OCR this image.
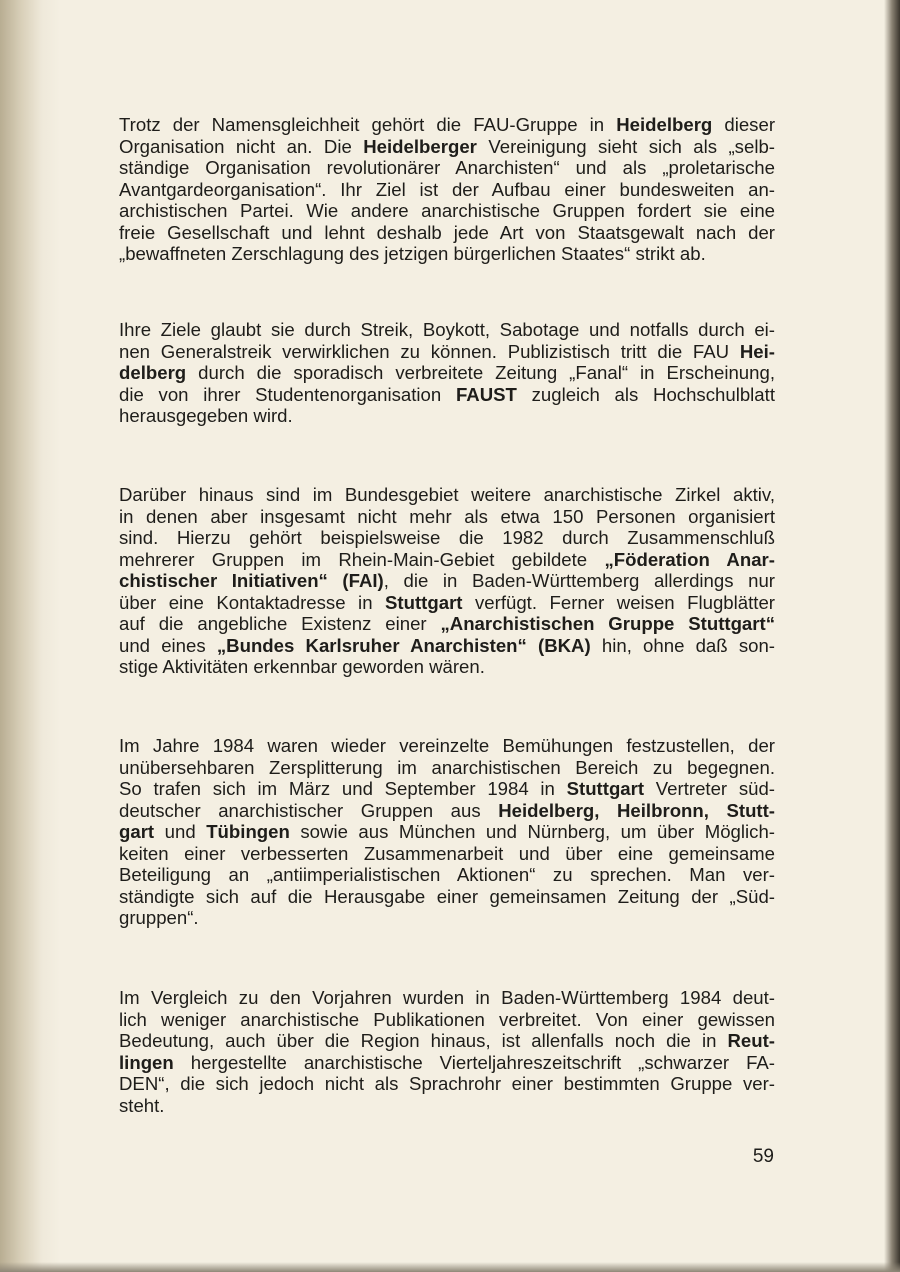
Trotz der Namensgleichheit gehört die FAU-Gruppe in Heidelberg dieser
Organisation nicht an. Die Heidelberger Vereinigung sieht sich als „selb-
ständige Organisation revolutionärer Anarchisten“ und als „proletarische
Avantgardeorganisation“. Ihr Ziel ist der Aufbau einer bundesweiten an-
archistischen Partei. Wie andere anarchistische Gruppen fordert sie eine
freie Gesellschaft und lehnt deshalb jede Art von Staatsgewalt nach der
„bewaffneten Zerschlagung des jetzigen bürgerlichen Staates“ strikt ab.
Ihre Ziele glaubt sie durch Streik, Boykott, Sabotage und notfalls durch ei-
nen Generalstreik verwirklichen zu können. Publizistisch tritt die FAU Hei-
delberg durch die sporadisch verbreitete Zeitung „Fanal“ in Erscheinung,
die von ihrer Studentenorganisation FAUST zugleich als Hochschulblatt
herausgegeben wird.
Darüber hinaus sind im Bundesgebiet weitere anarchistische Zirkel aktiv,
in denen aber insgesamt nicht mehr als etwa 150 Personen organisiert
sind. Hierzu gehört beispielsweise die 1982 durch Zusammenschluß
mehrerer Gruppen im Rhein-Main-Gebiet gebildete „Föderation Anar-
chistischer Initiativen“ (FAI), die in Baden-Württemberg allerdings nur
über eine Kontaktadresse in Stuttgart verfügt. Ferner weisen Flugblätter
auf die angebliche Existenz einer „Anarchistischen Gruppe Stuttgart“
und eines „Bundes Karlsruher Anarchisten“ (BKA) hin, ohne daß son-
stige Aktivitäten erkennbar geworden wären.
Im Jahre 1984 waren wieder vereinzelte Bemühungen festzustellen, der
unübersehbaren Zersplitterung im anarchistischen Bereich zu begegnen.
So trafen sich im März und September 1984 in Stuttgart Vertreter süd-
deutscher anarchistischer Gruppen aus Heidelberg, Heilbronn, Stutt-
gart und Tübingen sowie aus München und Nürnberg, um über Möglich-
keiten einer verbesserten Zusammenarbeit und über eine gemeinsame
Beteiligung an „antiimperialistischen Aktionen“ zu sprechen. Man ver-
ständigte sich auf die Herausgabe einer gemeinsamen Zeitung der „Süd-
gruppen“.
Im Vergleich zu den Vorjahren wurden in Baden-Württemberg 1984 deut-
lich weniger anarchistische Publikationen verbreitet. Von einer gewissen
Bedeutung, auch über die Region hinaus, ist allenfalls noch die in Reut-
lingen hergestellte anarchistische Vierteljahreszeitschrift „schwarzer FA-
DEN“, die sich jedoch nicht als Sprachrohr einer bestimmten Gruppe ver-
steht.
59
